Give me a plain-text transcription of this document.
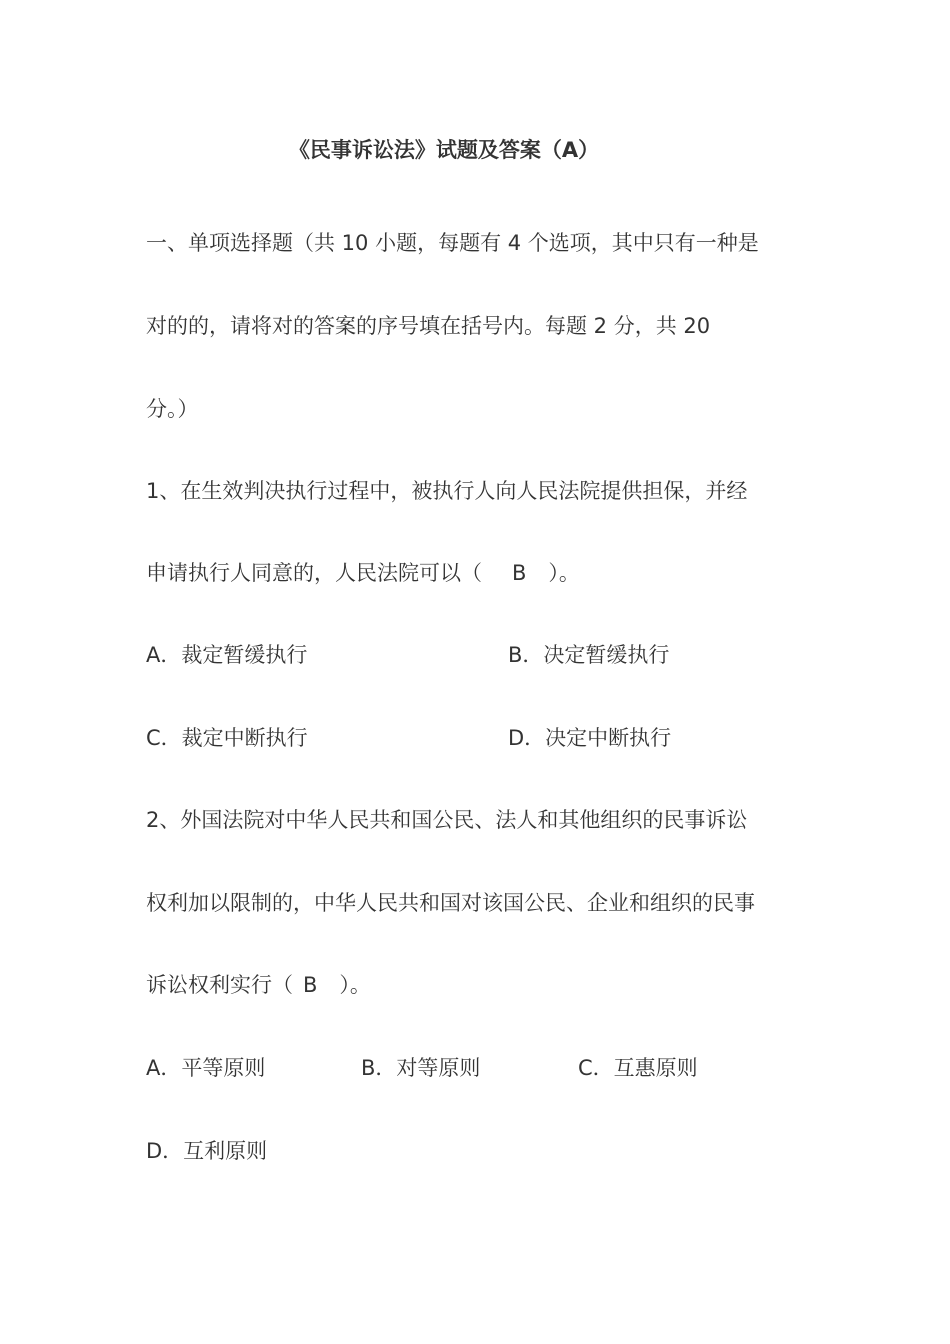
《民事诉讼法》试题及答案（A）
一、单项选择题（共 10 小题，每题有 4 个选项，其中只有一种是
对的的，请将对的答案的序号填在括号内。每题 2 分，共 20
分。）
1、在生效判决执行过程中，被执行人向人民法院提供担保，并经
申请执行人同意的，人民法院可以（ B ）。
A．裁定暂缓执行	B．决定暂缓执行
C．裁定中断执行	D．决定中断执行
2、外国法院对中华人民共和国公民、法人和其他组织的民事诉讼
权利加以限制的，中华人民共和国对该国公民、企业和组织的民事
诉讼权利实行（ B ）。
A．平等原则	B．对等原则	C．互惠原则
D．互利原则
